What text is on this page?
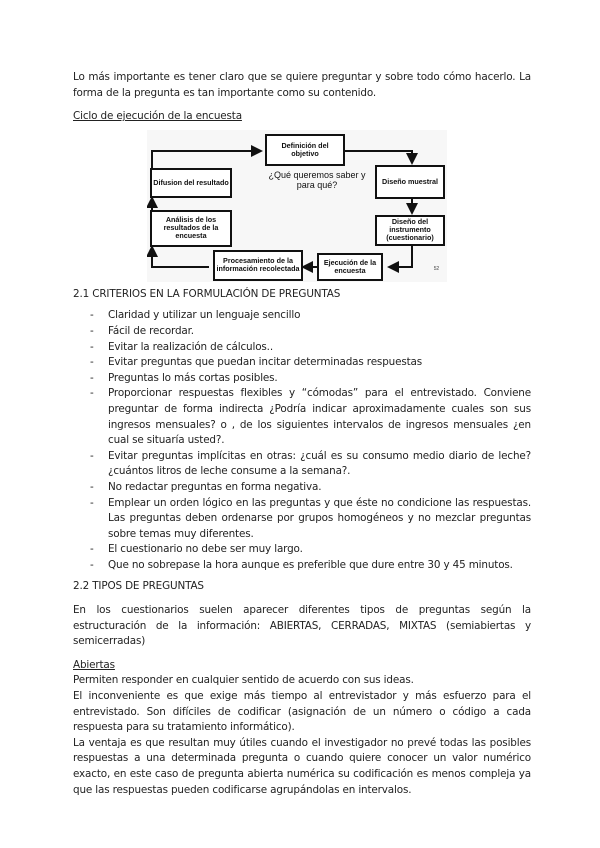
Lo más importante es tener claro que se quiere preguntar y sobre todo cómo hacerlo. La forma de la pregunta es tan importante como su contenido.

Ciclo de ejecución de la encuesta

Definición del objetivo
Difusion del resultado	Diseño muestral
Análisis de los resultados de la encuesta
Diseño del instrumento (cuestionario)
Procesamiento de la información recolectada
Ejecución de la encuesta
¿Qué queremos saber y para qué?
52

2.1 CRITERIOS EN LA FORMULACIÓN DE PREGUNTAS

- Claridad y utilizar un lenguaje sencillo
- Fácil de recordar.
- Evitar la realización de cálculos..
- Evitar preguntas que puedan incitar determinadas respuestas
- Preguntas lo más cortas posibles.
- Proporcionar respuestas flexibles y “cómodas” para el entrevistado. Conviene preguntar de forma indirecta ¿Podría indicar aproximadamente cuales son sus ingresos mensuales? o , de los siguientes intervalos de ingresos mensuales ¿en cual se situaría usted?.
- Evitar preguntas implícitas en otras: ¿cuál es su consumo medio diario de leche? ¿cuántos litros de leche consume a la semana?.
- No redactar preguntas en forma negativa.
- Emplear un orden lógico en las preguntas y que éste no condicione las respuestas. Las preguntas deben ordenarse por grupos homogéneos y no mezclar preguntas sobre temas muy diferentes.
- El cuestionario no debe ser muy largo.
- Que no sobrepase la hora aunque es preferible que dure entre 30 y 45 minutos.

2.2 TIPOS DE PREGUNTAS

En los cuestionarios suelen aparecer diferentes tipos de preguntas según la estructuración de la información: ABIERTAS, CERRADAS, MIXTAS (semiabiertas y semicerradas)

Abiertas

Permiten responder en cualquier sentido de acuerdo con sus ideas.

El inconveniente es que exige más tiempo al entrevistador y más esfuerzo para el entrevistado. Son difíciles de codificar (asignación de un número o código a cada respuesta para su tratamiento informático).

La ventaja es que resultan muy útiles cuando el investigador no prevé todas las posibles respuestas a una determinada pregunta o cuando quiere conocer un valor numérico exacto, en este caso de pregunta abierta numérica su codificación es menos compleja ya que las respuestas pueden codificarse agrupándolas en intervalos.
